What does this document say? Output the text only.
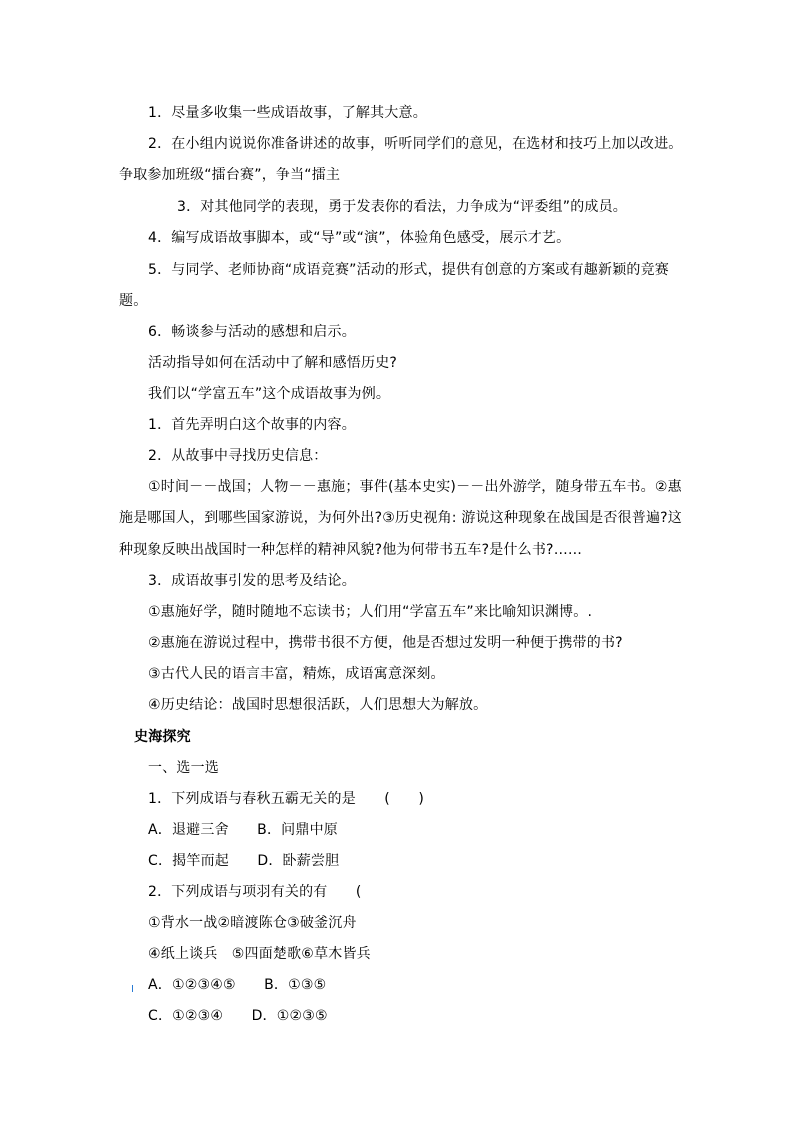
1．尽量多收集一些成语故事，了解其大意。
2．在小组内说说你准备讲述的故事，听听同学们的意见，在选材和技巧上加以改进。
争取参加班级“擂台赛”，争当“擂主
3．对其他同学的表现，勇于发表你的看法，力争成为“评委组”的成员。
4．编写成语故事脚本，或“导”或“演”，体验角色感受，展示才艺。
5．与同学、老师协商“成语竞赛”活动的形式，提供有创意的方案或有趣新颖的竞赛
题。
6．畅谈参与活动的感想和启示。
活动指导如何在活动中了解和感悟历史?
我们以“学富五车”这个成语故事为例。
1．首先弄明白这个故事的内容。
2．从故事中寻找历史信息：
①时间－－战国；人物－－惠施；事件(基本史实)－－出外游学，随身带五车书。②惠
施是哪国人，到哪些国家游说，为何外出?③历史视角: 游说这种现象在战国是否很普遍?这
种现象反映出战国时一种怎样的精神风貌?他为何带书五车?是什么书?……
3．成语故事引发的思考及结论。
①惠施好学，随时随地不忘读书；人们用“学富五车”来比喻知识渊博。.
②惠施在游说过程中，携带书很不方便，他是否想过发明一种便于携带的书?
③古代人民的语言丰富，精炼，成语寓意深刻。
④历史结论：战国时思想很活跃，人们思想大为解放。
史海探究
一、选一选
1．下列成语与春秋五霸无关的是　　(　　)
A．退避三舍　　B．问鼎中原
C．揭竿而起　　D．卧薪尝胆
2．下列成语与项羽有关的有　　(
①背水一战②暗渡陈仓③破釜沉舟
④纸上谈兵　⑤四面楚歌⑥草木皆兵
A．①②③④⑤　　B．①③⑤
C．①②③④　　D．①②③⑤
